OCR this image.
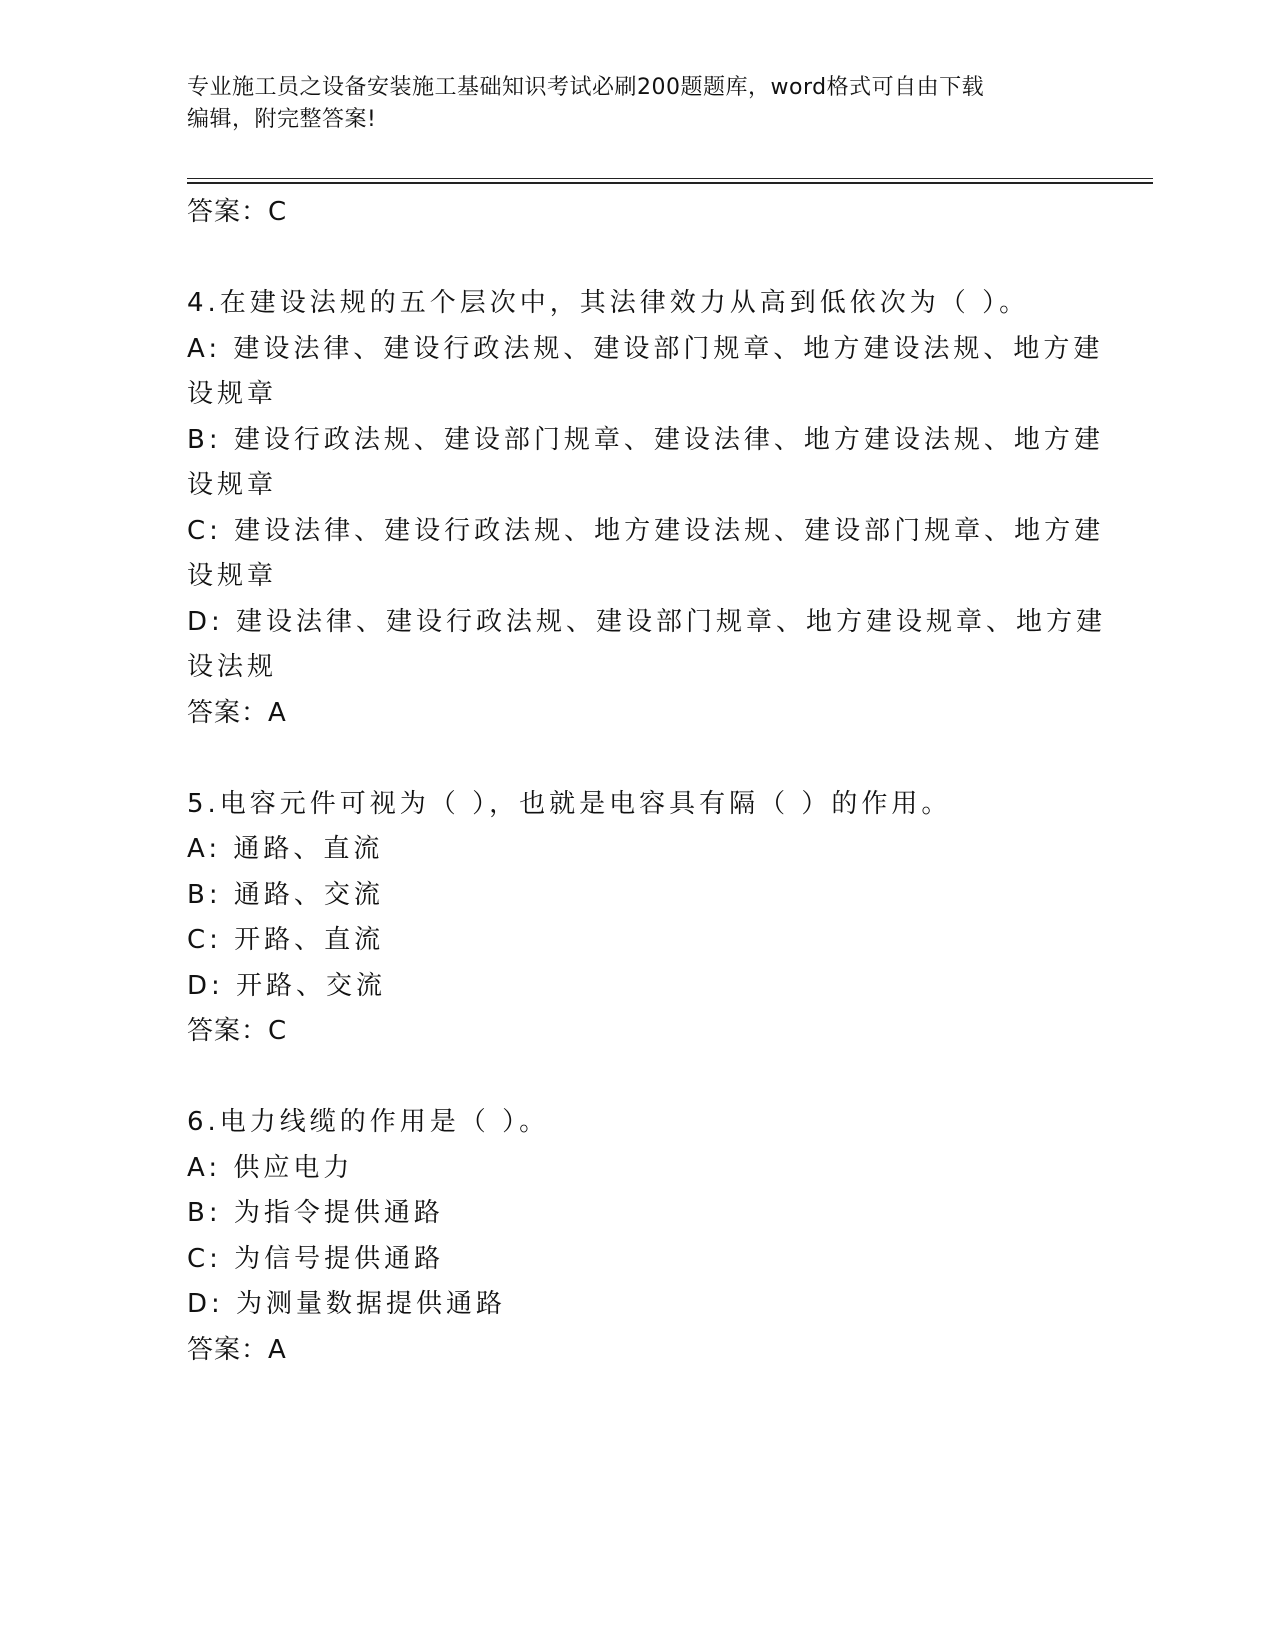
专业施工员之设备安装施工基础知识考试必刷200题题库，word格式可自由下载
编辑，附完整答案!
答案：C
4.在建设法规的五个层次中，其法律效力从高到低依次为（ ）。
A: 建设法律、建设行政法规、建设部门规章、地方建设法规、地方建
设规章
B: 建设行政法规、建设部门规章、建设法律、地方建设法规、地方建
设规章
C: 建设法律、建设行政法规、地方建设法规、建设部门规章、地方建
设规章
D: 建设法律、建设行政法规、建设部门规章、地方建设规章、地方建
设法规
答案：A
5.电容元件可视为（ ），也就是电容具有隔（ ）的作用。
A: 通路、直流
B: 通路、交流
C: 开路、直流
D: 开路、交流
答案：C
6.电力线缆的作用是（ ）。
A: 供应电力
B: 为指令提供通路
C: 为信号提供通路
D: 为测量数据提供通路
答案：A
